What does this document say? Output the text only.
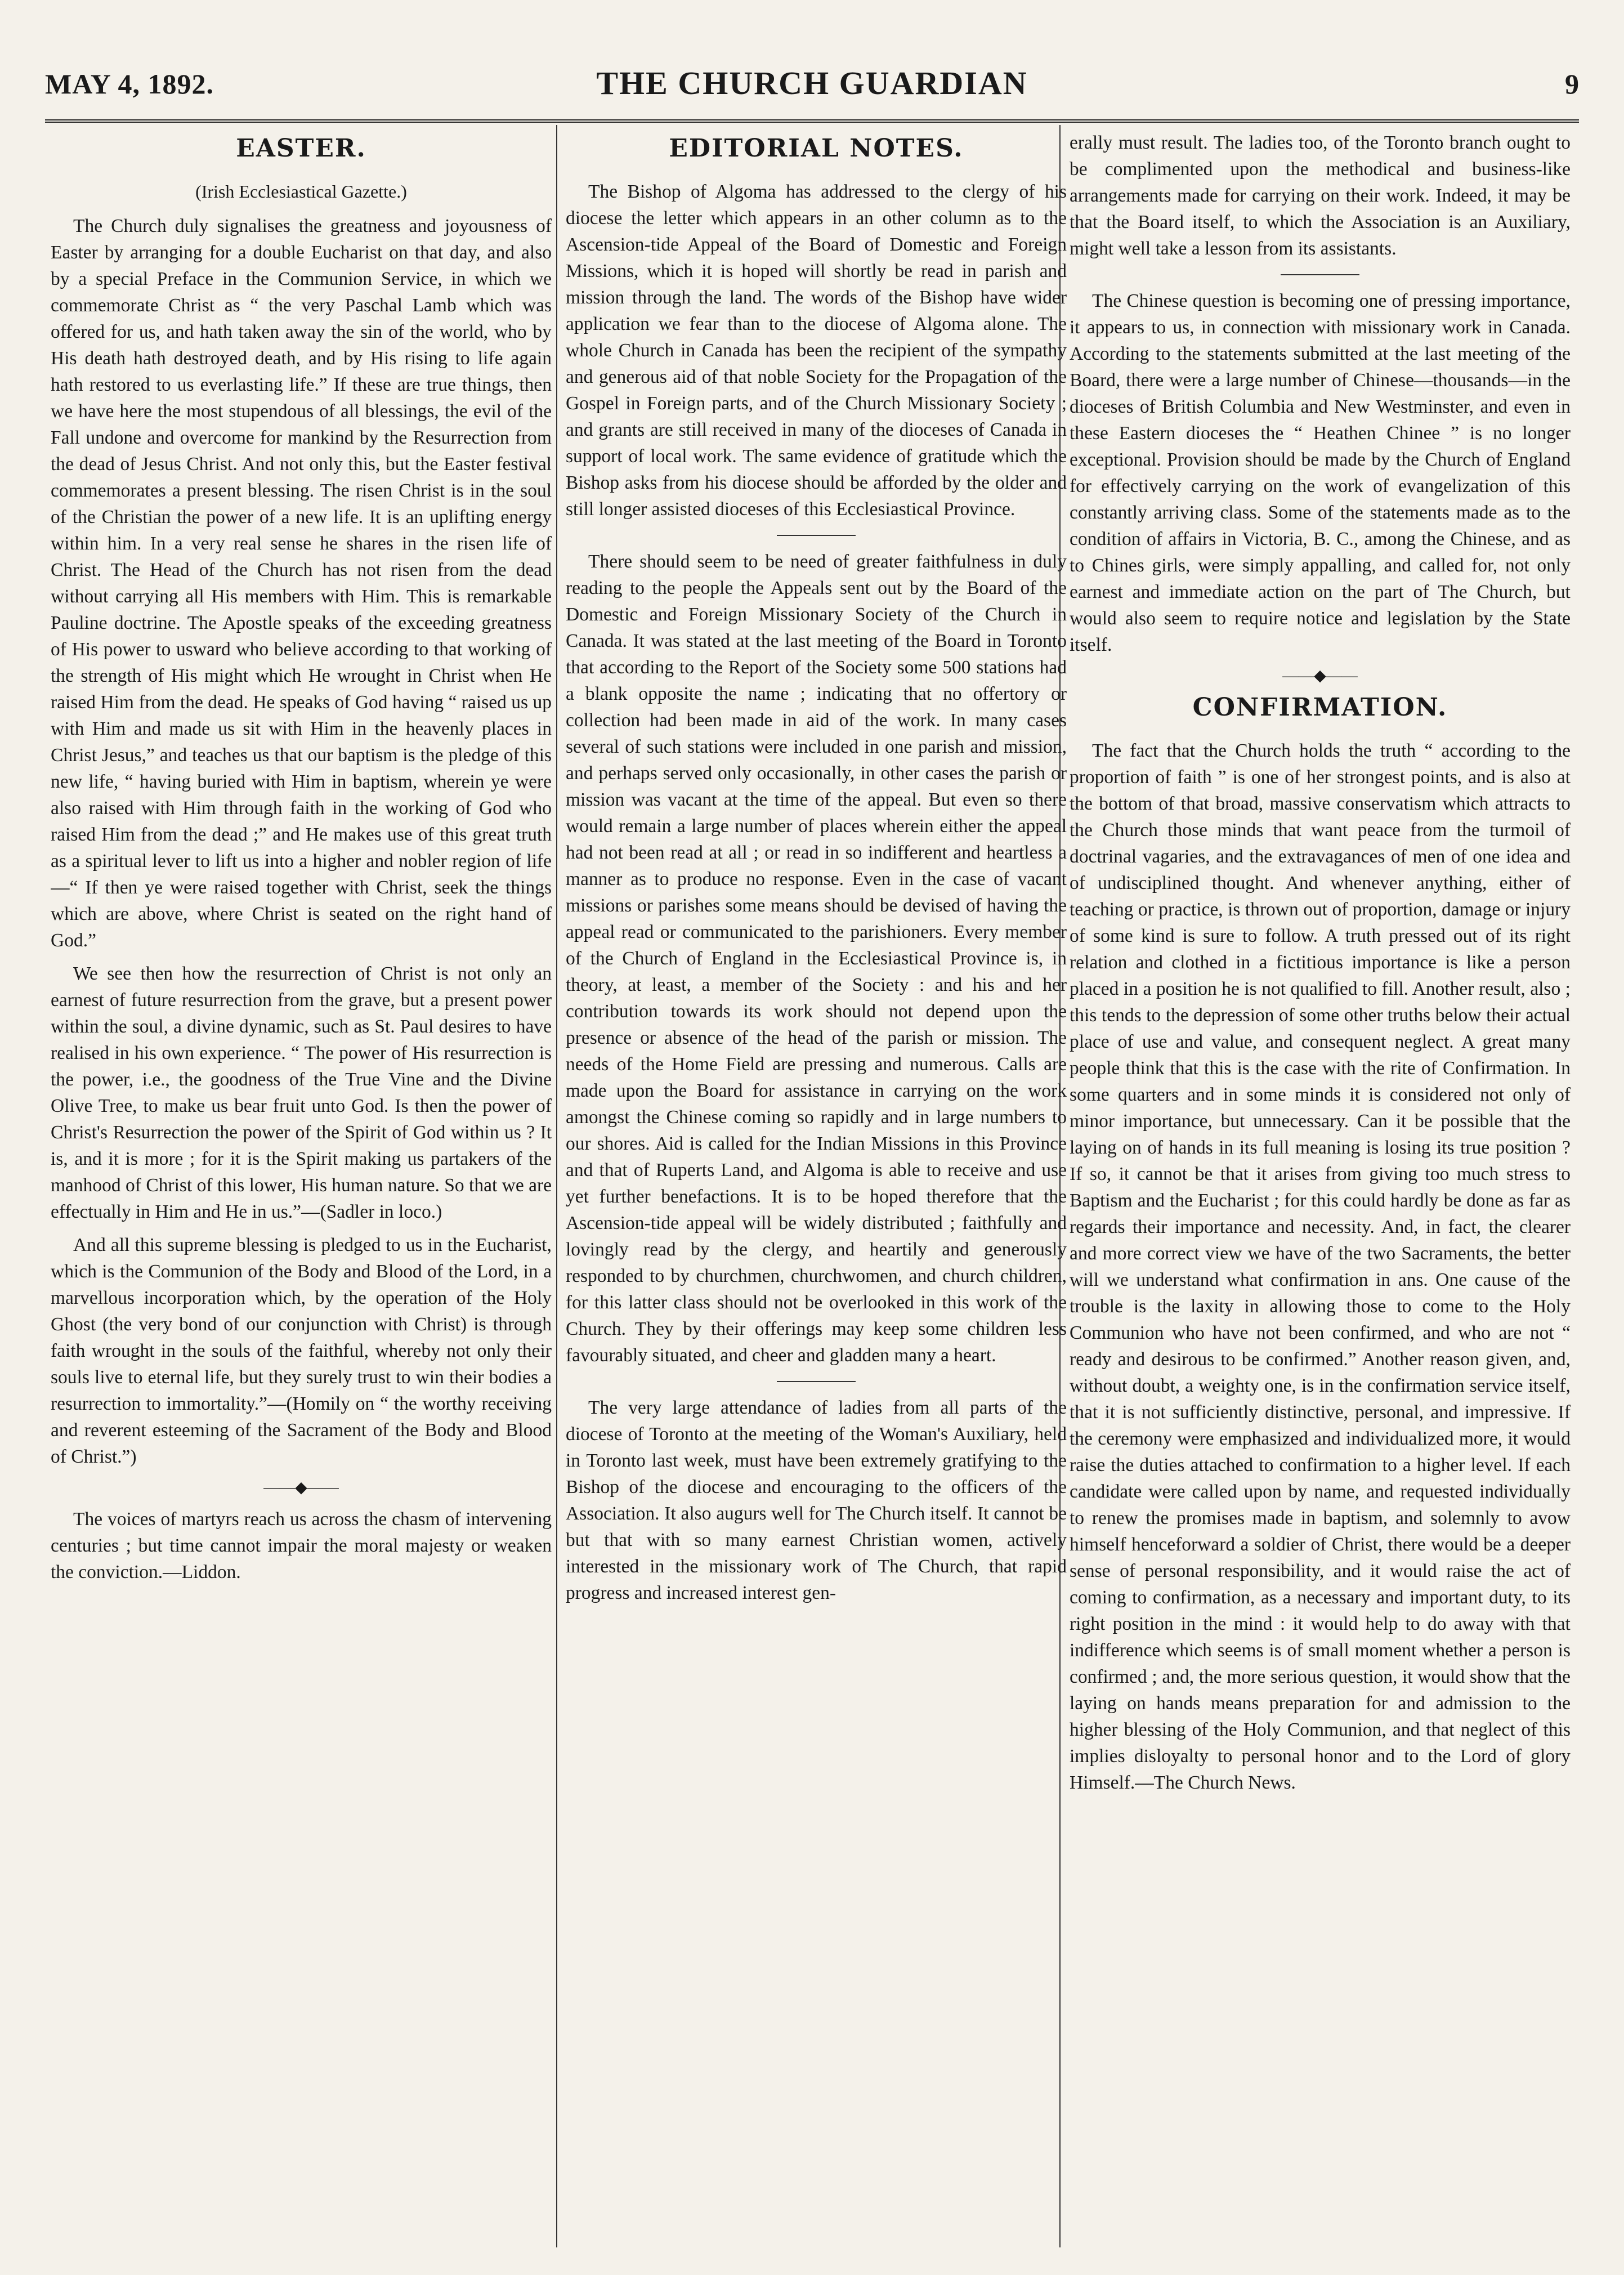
MAY 4, 1892.	THE CHURCH GUARDIAN	9
EASTER.

(Irish Ecclesiastical Gazette.)

The Church duly signalises the greatness and joyousness of Easter by arranging for a double Eucharist on that day, and also by a special Preface in the Communion Service, in which we commemorate Christ as “ the very Paschal Lamb which was offered for us, and hath taken away the sin of the world, who by His death hath destroyed death, and by His rising to life again hath restored to us everlasting life.” If these are true things, then we have here the most stupendous of all blessings, the evil of the Fall undone and overcome for mankind by the Resurrection from the dead of Jesus Christ. And not only this, but the Easter festival commemorates a present blessing. The risen Christ is in the soul of the Christian the power of a new life. It is an uplifting energy within him. In a very real sense he shares in the risen life of Christ. The Head of the Church has not risen from the dead without carrying all His members with Him. This is remarkable Pauline doctrine. The Apostle speaks of the exceeding greatness of His power to usward who believe according to that working of the strength of His might which He wrought in Christ when He raised Him from the dead. He speaks of God having “ raised us up with Him and made us sit with Him in the heavenly places in Christ Jesus,” and teaches us that our baptism is the pledge of this new life, “ having buried with Him in baptism, wherein ye were also raised with Him through faith in the working of God who raised Him from the dead ;” and He makes use of this great truth as a spiritual lever to lift us into a higher and nobler region of life—“ If then ye were raised together with Christ, seek the things which are above, where Christ is seated on the right hand of God.”

We see then how the resurrection of Christ is not only an earnest of future resurrection from the grave, but a present power within the soul, a divine dynamic, such as St. Paul desires to have realised in his own experience. “ The power of His resurrection is the power, i.e., the goodness of the True Vine and the Divine Olive Tree, to make us bear fruit unto God. Is then the power of Christ's Resurrection the power of the Spirit of God within us ? It is, and it is more ; for it is the Spirit making us partakers of the manhood of Christ of this lower, His human nature. So that we are effectually in Him and He in us.”—(Sadler in loco.)

And all this supreme blessing is pledged to us in the Eucharist, which is the Communion of the Body and Blood of the Lord, in a marvellous incorporation which, by the operation of the Holy Ghost (the very bond of our conjunction with Christ) is through faith wrought in the souls of the faithful, whereby not only their souls live to eternal life, but they surely trust to win their bodies a resurrection to immortality.”—(Homily on “ the worthy receiving and reverent esteeming of the Sacrament of the Body and Blood of Christ.”)

——◆——

The voices of martyrs reach us across the chasm of intervening centuries ; but time cannot impair the moral majesty or weaken the conviction.—Liddon.

EDITORIAL NOTES.

The Bishop of Algoma has addressed to the clergy of his diocese the letter which appears in an other column as to the Ascension-tide Appeal of the Board of Domestic and Foreign Missions, which it is hoped will shortly be read in parish and mission through the land. The words of the Bishop have wider application we fear than to the diocese of Algoma alone. The whole Church in Canada has been the recipient of the sympathy and generous aid of that noble Society for the Propagation of the Gospel in Foreign parts, and of the Church Missionary Society ; and grants are still received in many of the dioceses of Canada in support of local work. The same evidence of gratitude which the Bishop asks from his diocese should be afforded by the older and still longer assisted dioceses of this Ecclesiastical Province.

There should seem to be need of greater faithfulness in duly reading to the people the Appeals sent out by the Board of the Domestic and Foreign Missionary Society of the Church in Canada. It was stated at the last meeting of the Board in Toronto that according to the Report of the Society some 500 stations had a blank opposite the name ; indicating that no offertory or collection had been made in aid of the work. In many cases several of such stations were included in one parish and mission, and perhaps served only occasionally, in other cases the parish or mission was vacant at the time of the appeal. But even so there would remain a large number of places wherein either the appeal had not been read at all ; or read in so indifferent and heartless a manner as to produce no response. Even in the case of vacant missions or parishes some means should be devised of having the appeal read or communicated to the parishioners. Every member of the Church of England in the Ecclesiastical Province is, in theory, at least, a member of the Society : and his and her contribution towards its work should not depend upon the presence or absence of the head of the parish or mission. The needs of the Home Field are pressing and numerous. Calls are made upon the Board for assistance in carrying on the work amongst the Chinese coming so rapidly and in large numbers to our shores. Aid is called for the Indian Missions in this Province and that of Ruperts Land, and Algoma is able to receive and use yet further benefactions. It is to be hoped therefore that the Ascension-tide appeal will be widely distributed ; faithfully and lovingly read by the clergy, and heartily and generously responded to by churchmen, churchwomen, and church children, for this latter class should not be overlooked in this work of the Church. They by their offerings may keep some children less favourably situated, and cheer and gladden many a heart.

The very large attendance of ladies from all parts of the diocese of Toronto at the meeting of the Woman's Auxiliary, held in Toronto last week, must have been extremely gratifying to the Bishop of the diocese and encouraging to the officers of the Association. It also augurs well for The Church itself. It cannot be but that with so many earnest Christian women, actively interested in the missionary work of The Church, that rapid progress and increased interest gen-

erally must result. The ladies too, of the Toronto branch ought to be complimented upon the methodical and business-like arrangements made for carrying on their work. Indeed, it may be that the Board itself, to which the Association is an Auxiliary, might well take a lesson from its assistants.

The Chinese question is becoming one of pressing importance, it appears to us, in connection with missionary work in Canada. According to the statements submitted at the last meeting of the Board, there were a large number of Chinese—thousands—in the dioceses of British Columbia and New Westminster, and even in these Eastern dioceses the “ Heathen Chinee ” is no longer exceptional. Provision should be made by the Church of England for effectively carrying on the work of evangelization of this constantly arriving class. Some of the statements made as to the condition of affairs in Victoria, B. C., among the Chinese, and as to Chines girls, were simply appalling, and called for, not only earnest and immediate action on the part of The Church, but would also seem to require notice and legislation by the State itself.

——◆——
CONFIRMATION.

The fact that the Church holds the truth “ according to the proportion of faith ” is one of her strongest points, and is also at the bottom of that broad, massive conservatism which attracts to the Church those minds that want peace from the turmoil of doctrinal vagaries, and the extravagances of men of one idea and of undisciplined thought. And whenever anything, either of teaching or practice, is thrown out of proportion, damage or injury of some kind is sure to follow. A truth pressed out of its right relation and clothed in a fictitious importance is like a person placed in a position he is not qualified to fill. Another result, also ; this tends to the depression of some other truths below their actual place of use and value, and consequent neglect. A great many people think that this is the case with the rite of Confirmation. In some quarters and in some minds it is considered not only of minor importance, but unnecessary. Can it be possible that the laying on of hands in its full meaning is losing its true position ? If so, it cannot be that it arises from giving too much stress to Baptism and the Eucharist ; for this could hardly be done as far as regards their importance and necessity. And, in fact, the clearer and more correct view we have of the two Sacraments, the better will we understand what confirmation in ans. One cause of the trouble is the laxity in allowing those to come to the Holy Communion who have not been confirmed, and who are not “ ready and desirous to be confirmed.” Another reason given, and, without doubt, a weighty one, is in the confirmation service itself, that it is not sufficiently distinctive, personal, and impressive. If the ceremony were emphasized and individualized more, it would raise the duties attached to confirmation to a higher level. If each candidate were called upon by name, and requested individually to renew the promises made in baptism, and solemnly to avow himself henceforward a soldier of Christ, there would be a deeper sense of personal responsibility, and it would raise the act of coming to confirmation, as a necessary and important duty, to its right position in the mind : it would help to do away with that indifference which seems is of small moment whether a person is confirmed ; and, the more serious question, it would show that the laying on hands means preparation for and admission to the higher blessing of the Holy Communion, and that neglect of this implies disloyalty to personal honor and to the Lord of glory Himself.—The Church News.
